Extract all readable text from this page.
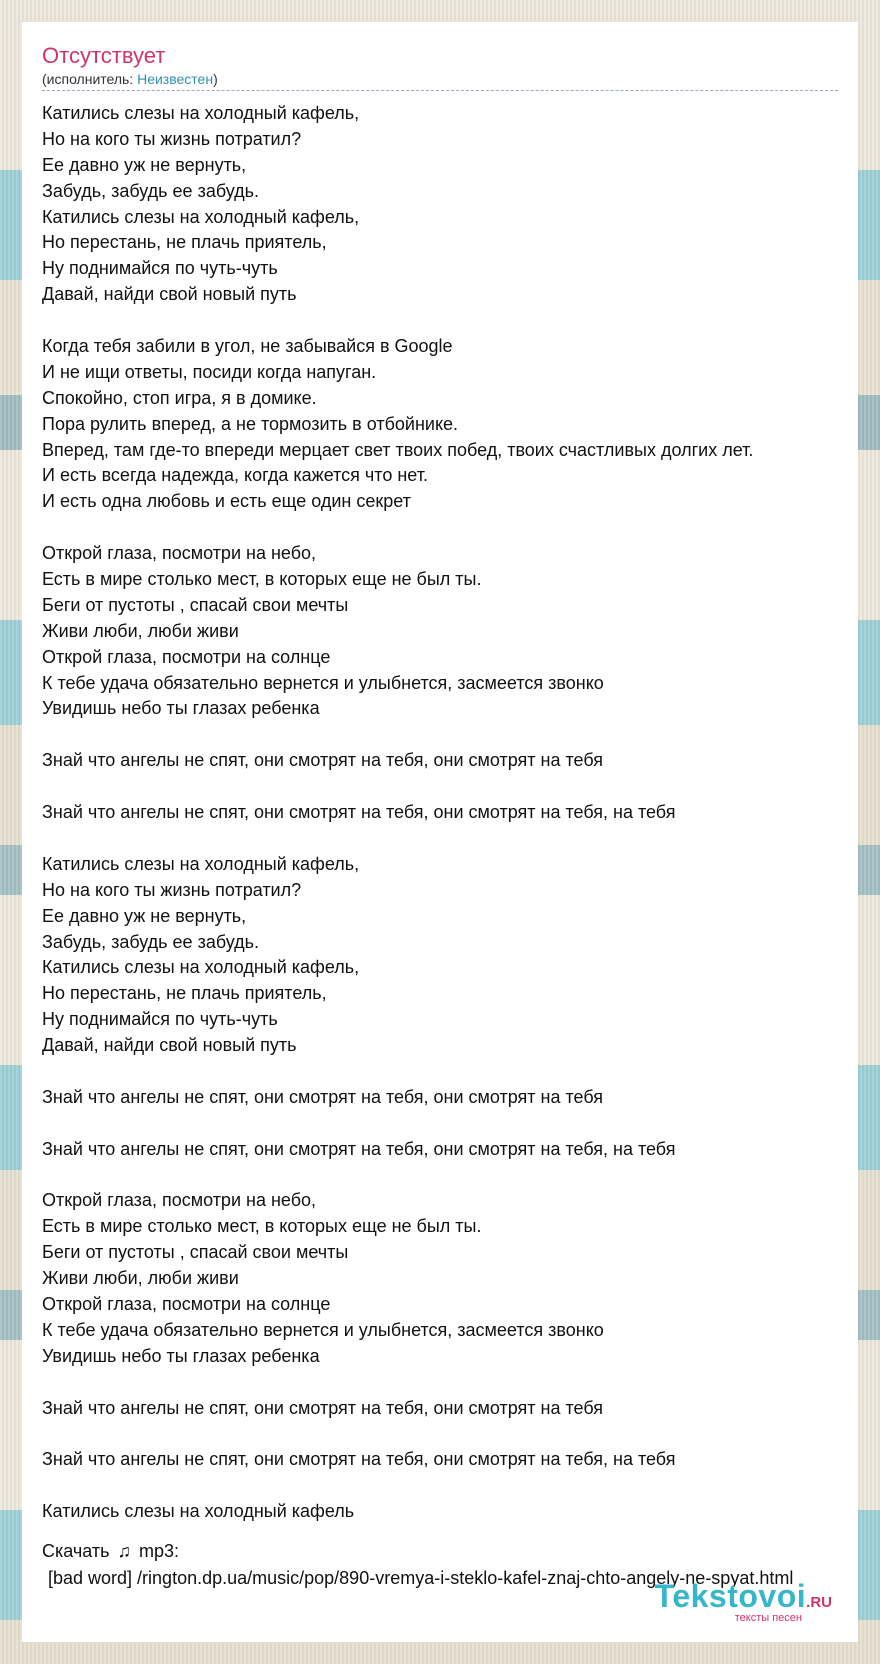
Отсутствует
(исполнитель: Неизвестен)
Катились слезы на холодный кафель,
Но на кого ты жизнь потратил?
Ее давно уж не вернуть,
Забудь, забудь ее забудь.
Катились слезы на холодный кафель,
Но перестань, не плачь приятель,
Ну поднимайся по чуть-чуть
Давай, найди свой новый путь
Когда тебя забили в угол, не забывайся в Google
И не ищи ответы, посиди когда напуган.
Спокойно, стоп игра, я в домике.
Пора рулить вперед, а не тормозить в отбойнике.
Вперед, там где-то впереди мерцает свет твоих побед, твоих счастливых долгих лет.
И есть всегда надежда, когда кажется что нет.
И есть одна любовь и есть еще один секрет
Открой глаза, посмотри на небо,
Есть в мире столько мест, в которых еще не был ты.
Беги от пустоты , спасай свои мечты
Живи люби, люби живи
Открой глаза, посмотри на солнце
К тебе удача обязательно вернется и улыбнется, засмеется звонко
Увидишь небо ты глазах ребенка
Знай что ангелы не спят, они смотрят на тебя, они смотрят на тебя
Знай что ангелы не спят, они смотрят на тебя, они смотрят на тебя, на тебя
Катились слезы на холодный кафель,
Но на кого ты жизнь потратил?
Ее давно уж не вернуть,
Забудь, забудь ее забудь.
Катились слезы на холодный кафель,
Но перестань, не плачь приятель,
Ну поднимайся по чуть-чуть
Давай, найди свой новый путь
Знай что ангелы не спят, они смотрят на тебя, они смотрят на тебя
Знай что ангелы не спят, они смотрят на тебя, они смотрят на тебя, на тебя
Открой глаза, посмотри на небо,
Есть в мире столько мест, в которых еще не был ты.
Беги от пустоты , спасай свои мечты
Живи люби, люби живи
Открой глаза, посмотри на солнце
К тебе удача обязательно вернется и улыбнется, засмеется звонко
Увидишь небо ты глазах ребенка
Знай что ангелы не спят, они смотрят на тебя, они смотрят на тебя
Знай что ангелы не спят, они смотрят на тебя, они смотрят на тебя, на тебя
Катились слезы на холодный кафель
Скачать ♫ mp3:
[bad word] /rington.dp.ua/music/pop/890-vremya-i-steklo-kafel-znaj-chto-angely-ne-spyat.html
Tekstovoi.RU
тексты песен
